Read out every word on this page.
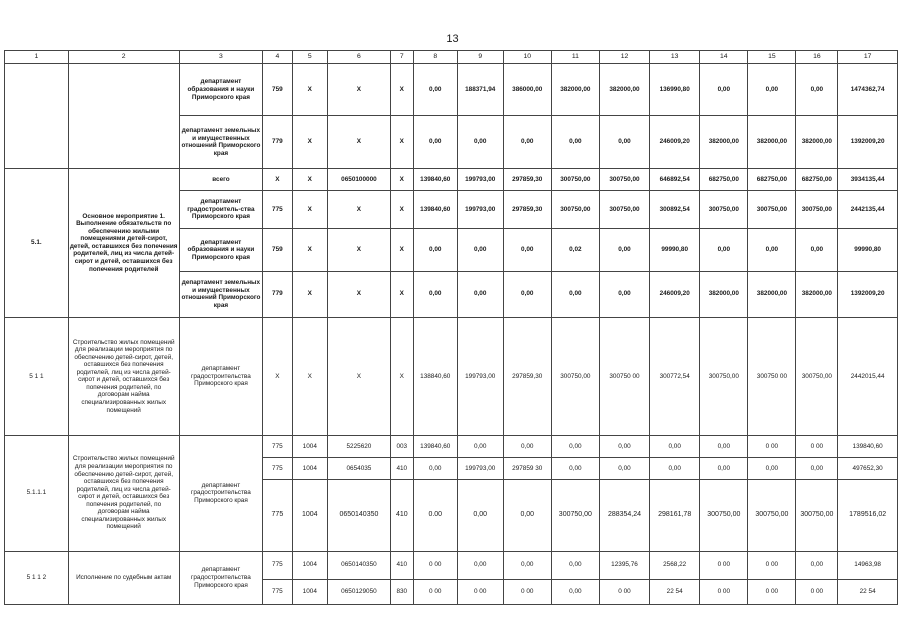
13
1	2	3	4	5	6	7	8	9	10	11	12	13	14	15	16	17
		департамент образования и науки Приморского края	759	Х	Х	Х	0,00	188371,94	386000,00	382000,00	382000,00	136990,80	0,00	0,00	0,00	1474362,74
		департамент земельных и имущественных отношений Приморского края	779	Х	Х	Х	0,00	0,00	0,00	0,00	0,00	246009,20	382000,00	382000,00	382000,00	1392009,20
5.1.	Основное мероприятие 1. Выполнение обязательств по обеспечению жилыми помещениями детей-сирот, детей, оставшихся без попечения родителей, лиц из числа детей-сирот и детей, оставшихся без попечения родителей	всего	Х	Х	0650100000	Х	139840,60	199793,00	297859,30	300750,00	300750,00	646892,54	682750,00	682750,00	682750,00	3934135,44
		департамент градостроитель-ства Приморского края	775	Х	Х	Х	139840,60	199793,00	297859,30	300750,00	300750,00	300892,54	300750,00	300750,00	300750,00	2442135,44
		департамент образования и науки Приморского края	759	Х	Х	Х	0,00	0,00	0,00	0,02	0,00	99990,80	0,00	0,00	0,00	99990,80
		департамент земельных и имущественных отношений Приморского края	779	Х	Х	Х	0,00	0,00	0,00	0,00	0,00	246009,20	382000,00	382000,00	382000,00	1392009,20
5 1 1	Строительство жилых помещений для реализации мероприятия по обеспечению детей-сирот, детей, оставшихся без попечения родителей, лиц из числа детей-сирот и детей, оставшихся без попечения родителей, по договорам найма специализированных жилых помещений	департамент градостроительства Приморского края	Х	Х	Х	Х	138840,60	199793,00	297859,30	300750,00	300750 00	300772,54	300750,00	300750 00	300750,00	2442015,44
5.1.1.1	Строительство жилых помещений для реализации мероприятия по обеспечению детей-сирот, детей, оставшихся без попечения родителей, лиц из числа детей-сирот и детей, оставшихся без попечения родителей, по договорам найма специализированных жилых помещений	департамент градостроительства Приморского края	775	1004	5225620	003	139840,60	0,00	0,00	0,00	0,00	0,00	0,00	0 00	0 00	139840,60
			775	1004	0654035	410	0,00	199793,00	297859 30	0,00	0,00	0,00	0,00	0,00	0,00	497652,30
			775	1004	0650140350	410	0.00	0,00	0,00	300750,00	288354,24	298161,78	300750,00	300750,00	300750,00	1789516,02
5 1 1 2	Исполнение по судебным актам	департамент градостроительства Приморского края	775	1004	0650140350	410	0 00	0,00	0,00	0,00	12395,76	2568,22	0 00	0 00	0,00	14963,98
			775	1004	0650129050	830	0 00	0 00	0 00	0,00	0 00	22 54	0 00	0 00	0 00	22 54
